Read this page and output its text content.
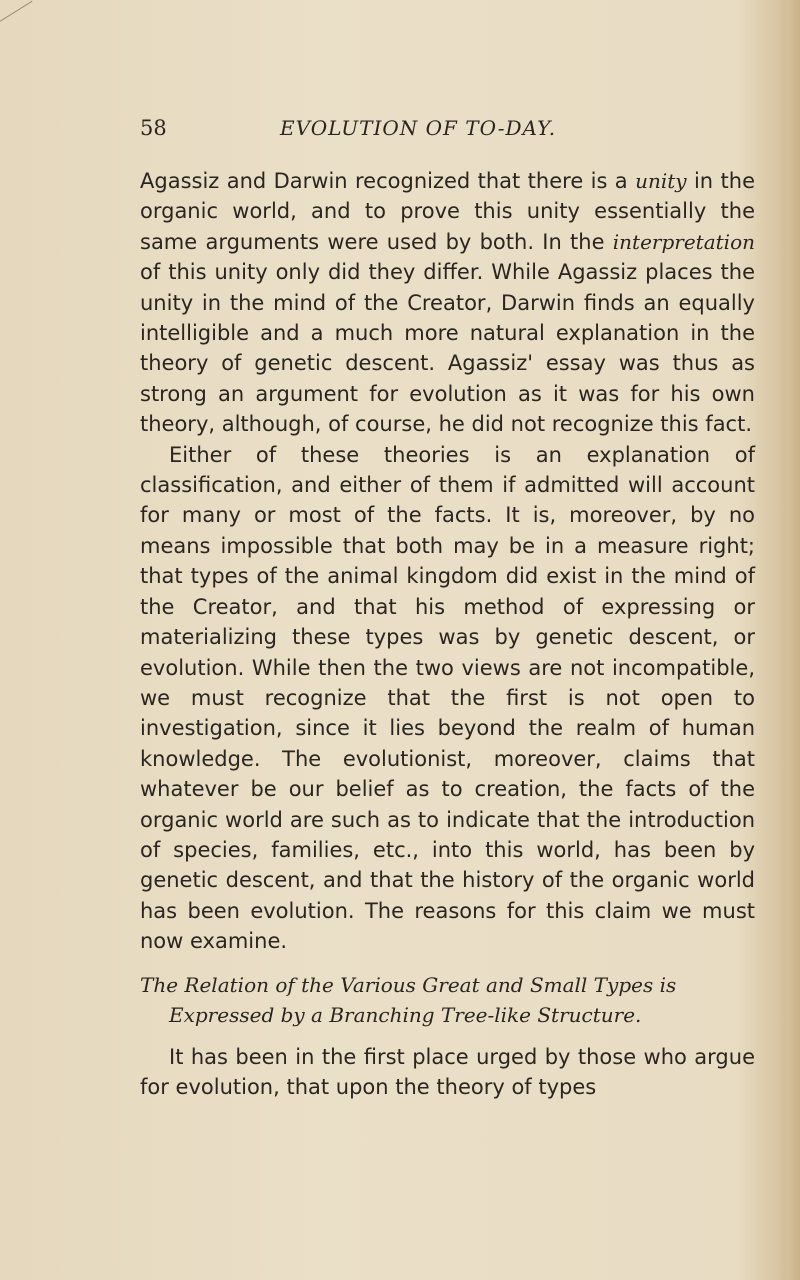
58	EVOLUTION OF TO-DAY.

Agassiz and Darwin recognized that there is a unity in the organic world, and to prove this unity essentially the same arguments were used by both. In the interpretation of this unity only did they differ. While Agassiz places the unity in the mind of the Creator, Darwin finds an equally intelligible and a much more natural explanation in the theory of genetic descent. Agassiz' essay was thus as strong an argument for evolution as it was for his own theory, although, of course, he did not recognize this fact.

Either of these theories is an explanation of classification, and either of them if admitted will account for many or most of the facts. It is, moreover, by no means impossible that both may be in a measure right; that types of the animal kingdom did exist in the mind of the Creator, and that his method of expressing or materializing these types was by genetic descent, or evolution. While then the two views are not incompatible, we must recognize that the first is not open to investigation, since it lies beyond the realm of human knowledge. The evolutionist, moreover, claims that whatever be our belief as to creation, the facts of the organic world are such as to indicate that the introduction of species, families, etc., into this world, has been by genetic descent, and that the history of the organic world has been evolution. The reasons for this claim we must now examine.

The Relation of the Various Great and Small Types is Expressed by a Branching Tree-like Structure.

It has been in the first place urged by those who argue for evolution, that upon the theory of types
